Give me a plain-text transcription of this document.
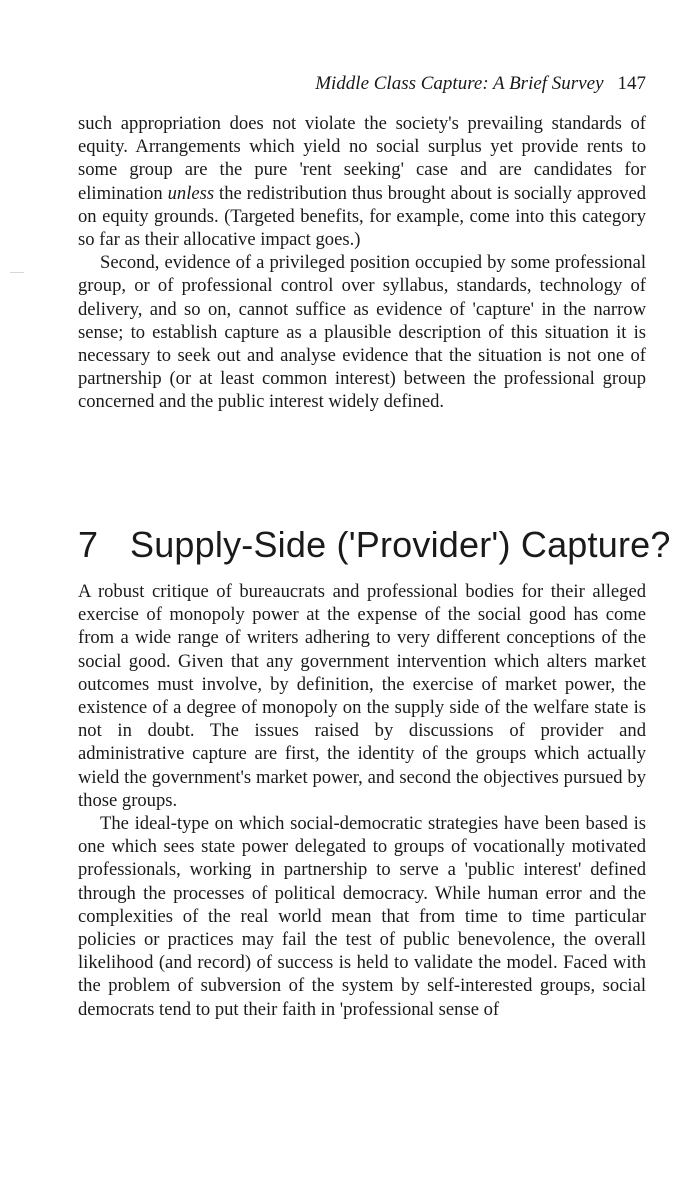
Middle Class Capture: A Brief Survey 147

such appropriation does not violate the society's prevailing standards of equity. Arrangements which yield no social surplus yet provide rents to some group are the pure 'rent seeking' case and are candidates for elimination unless the redistribution thus brought about is socially approved on equity grounds. (Targeted benefits, for example, come into this category so far as their allocative impact goes.)

Second, evidence of a privileged position occupied by some professional group, or of professional control over syllabus, standards, technology of delivery, and so on, cannot suffice as evidence of 'capture' in the narrow sense; to establish capture as a plausible description of this situation it is necessary to seek out and analyse evidence that the situation is not one of partnership (or at least common interest) between the professional group concerned and the public interest widely defined.

7 Supply-Side ('Provider') Capture?

A robust critique of bureaucrats and professional bodies for their alleged exercise of monopoly power at the expense of the social good has come from a wide range of writers adhering to very different conceptions of the social good. Given that any government intervention which alters market outcomes must involve, by definition, the exercise of market power, the existence of a degree of monopoly on the supply side of the welfare state is not in doubt. The issues raised by discussions of provider and administrative capture are first, the identity of the groups which actually wield the government's market power, and second the objectives pursued by those groups.

The ideal-type on which social-democratic strategies have been based is one which sees state power delegated to groups of vocationally motivated professionals, working in partnership to serve a 'public interest' defined through the processes of political democracy. While human error and the complexities of the real world mean that from time to time particular policies or practices may fail the test of public benevolence, the overall likelihood (and record) of success is held to validate the model. Faced with the problem of subversion of the system by self-interested groups, social democrats tend to put their faith in 'professional sense of
